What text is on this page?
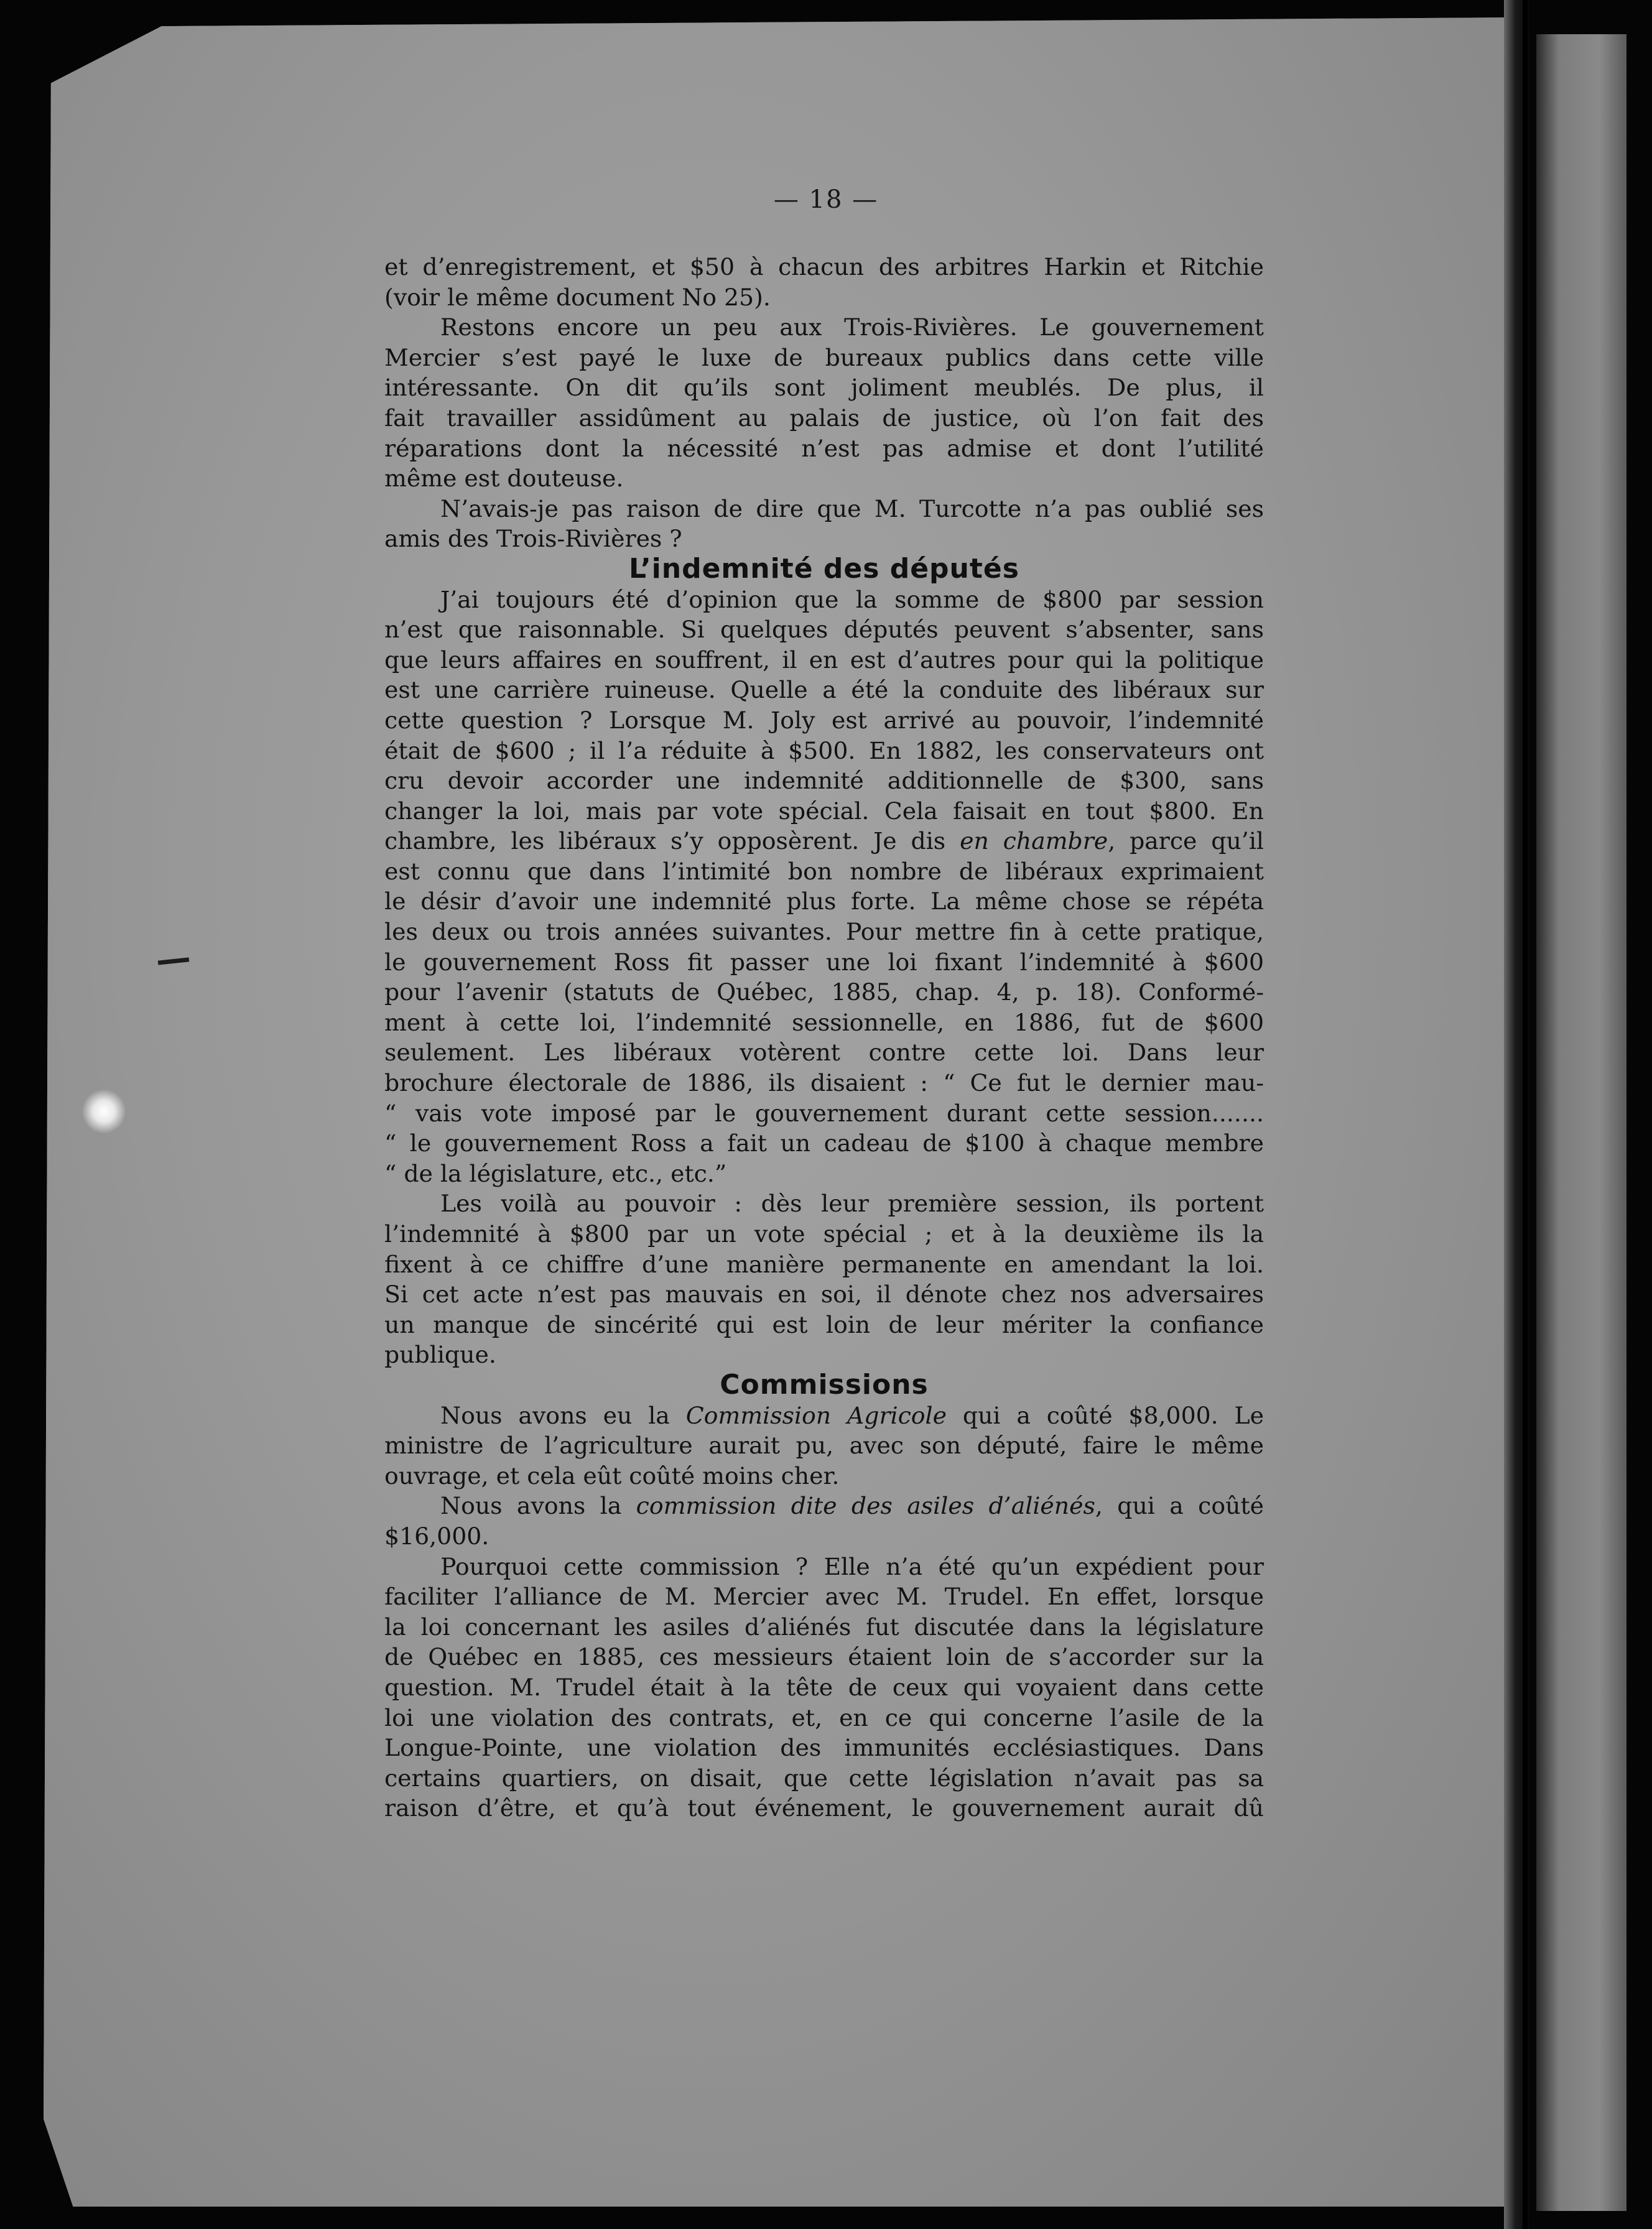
— 18 —
et d’enregistrement, et $50 à chacun des arbitres Harkin et Ritchie
(voir le même document No 25).
Restons encore un peu aux Trois-Rivières. Le gouvernement
Mercier s’est payé le luxe de bureaux publics dans cette ville
intéressante. On dit qu’ils sont joliment meublés. De plus, il
fait travailler assidûment au palais de justice, où l’on fait des
réparations dont la nécessité n’est pas admise et dont l’utilité
même est douteuse.
N’avais-je pas raison de dire que M. Turcotte n’a pas oublié ses
amis des Trois-Rivières ?
L’indemnité des députés
J’ai toujours été d’opinion que la somme de $800 par session
n’est que raisonnable. Si quelques députés peuvent s’absenter, sans
que leurs affaires en souffrent, il en est d’autres pour qui la politique
est une carrière ruineuse. Quelle a été la conduite des libéraux sur
cette question ? Lorsque M. Joly est arrivé au pouvoir, l’indemnité
était de $600 ; il l’a réduite à $500. En 1882, les conservateurs ont
cru devoir accorder une indemnité additionnelle de $300, sans
changer la loi, mais par vote spécial. Cela faisait en tout $800. En
chambre, les libéraux s’y opposèrent. Je dis en chambre, parce qu’il
est connu que dans l’intimité bon nombre de libéraux exprimaient
le désir d’avoir une indemnité plus forte. La même chose se répéta
les deux ou trois années suivantes. Pour mettre fin à cette pratique,
le gouvernement Ross fit passer une loi fixant l’indemnité à $600
pour l’avenir (statuts de Québec, 1885, chap. 4, p. 18). Conformé-
ment à cette loi, l’indemnité sessionnelle, en 1886, fut de $600
seulement. Les libéraux votèrent contre cette loi. Dans leur
brochure électorale de 1886, ils disaient : “ Ce fut le dernier mau-
“ vais vote imposé par le gouvernement durant cette session.......
“ le gouvernement Ross a fait un cadeau de $100 à chaque membre
“ de la législature, etc., etc.”
Les voilà au pouvoir : dès leur première session, ils portent
l’indemnité à $800 par un vote spécial ; et à la deuxième ils la
fixent à ce chiffre d’une manière permanente en amendant la loi.
Si cet acte n’est pas mauvais en soi, il dénote chez nos adversaires
un manque de sincérité qui est loin de leur mériter la confiance
publique.
Commissions
Nous avons eu la Commission Agricole qui a coûté $8,000. Le
ministre de l’agriculture aurait pu, avec son député, faire le même
ouvrage, et cela eût coûté moins cher.
Nous avons la commission dite des asiles d’aliénés, qui a coûté
$16,000.
Pourquoi cette commission ? Elle n’a été qu’un expédient pour
faciliter l’alliance de M. Mercier avec M. Trudel. En effet, lorsque
la loi concernant les asiles d’aliénés fut discutée dans la législature
de Québec en 1885, ces messieurs étaient loin de s’accorder sur la
question. M. Trudel était à la tête de ceux qui voyaient dans cette
loi une violation des contrats, et, en ce qui concerne l’asile de la
Longue-Pointe, une violation des immunités ecclésiastiques. Dans
certains quartiers, on disait, que cette législation n’avait pas sa
raison d’être, et qu’à tout événement, le gouvernement aurait dû
